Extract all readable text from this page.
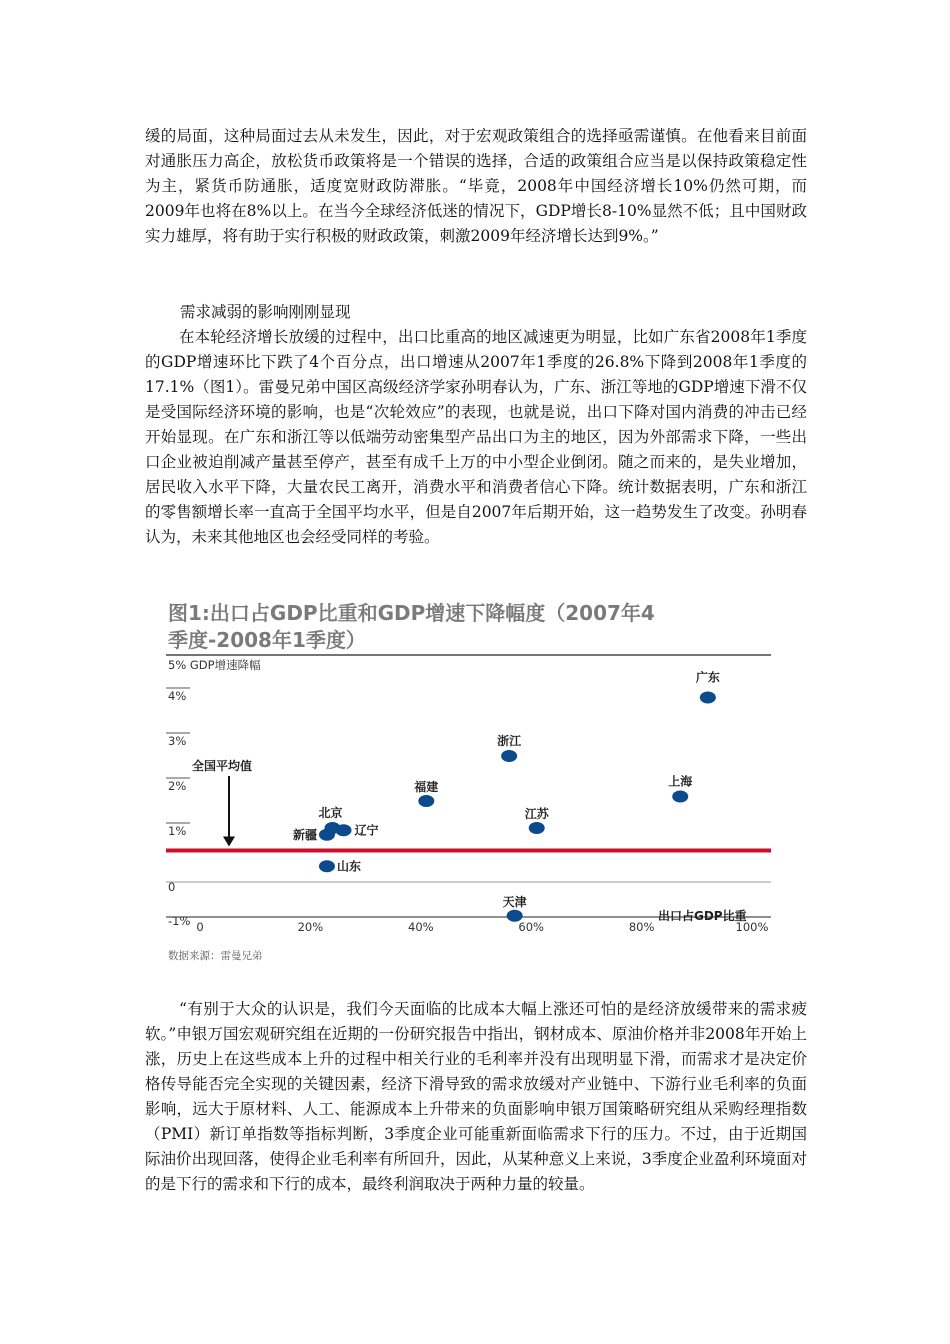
缓的局面，这种局面过去从未发生，因此，对于宏观政策组合的选择亟需谨慎。在他看来目前面对通胀压力高企，放松货币政策将是一个错误的选择，合适的政策组合应当是以保持政策稳定性为主，紧货币防通胀，适度宽财政防滞胀。“毕竟，2008年中国经济增长10%仍然可期，而2009年也将在8%以上。在当今全球经济低迷的情况下，GDP增长8-10%显然不低；且中国财政实力雄厚，将有助于实行积极的财政政策，刺激2009年经济增长达到9%。”

需求减弱的影响刚刚显现

在本轮经济增长放缓的过程中，出口比重高的地区减速更为明显，比如广东省2008年1季度的GDP增速环比下跌了4个百分点，出口增速从2007年1季度的26.8%下降到2008年1季度的17.1%（图1）。雷曼兄弟中国区高级经济学家孙明春认为，广东、浙江等地的GDP增速下滑不仅是受国际经济环境的影响，也是“次轮效应”的表现，也就是说，出口下降对国内消费的冲击已经开始显现。在广东和浙江等以低端劳动密集型产品出口为主的地区，因为外部需求下降，一些出口企业被迫削减产量甚至停产，甚至有成千上万的中小型企业倒闭。随之而来的，是失业增加，居民收入水平下降，大量农民工离开，消费水平和消费者信心下降。统计数据表明，广东和浙江的零售额增长率一直高于全国平均水平，但是自2007年后期开始，这一趋势发生了改变。孙明春认为，未来其他地区也会经受同样的考验。

图1:出口占GDP比重和GDP增速下降幅度（2007年4
季度-2008年1季度）
5% GDP增速降幅
全国平均值
-1%
0
1%
2%
3%
4%
0	20%	40%	60%	80%	100%
广东
浙江
福建	上海
北京
辽宁
新疆
江苏
山东
天津
出口占GDP比重
数据来源：雷曼兄弟

“有别于大众的认识是，我们今天面临的比成本大幅上涨还可怕的是经济放缓带来的需求疲软。”申银万国宏观研究组在近期的一份研究报告中指出，钢材成本、原油价格并非2008年开始上涨，历史上在这些成本上升的过程中相关行业的毛利率并没有出现明显下滑，而需求才是决定价格传导能否完全实现的关键因素，经济下滑导致的需求放缓对产业链中、下游行业毛利率的负面影响，远大于原材料、人工、能源成本上升带来的负面影响申银万国策略研究组从采购经理指数（PMI）新订单指数等指标判断，3季度企业可能重新面临需求下行的压力。不过，由于近期国际油价出现回落，使得企业毛利率有所回升，因此，从某种意义上来说，3季度企业盈利环境面对的是下行的需求和下行的成本，最终利润取决于两种力量的较量。
